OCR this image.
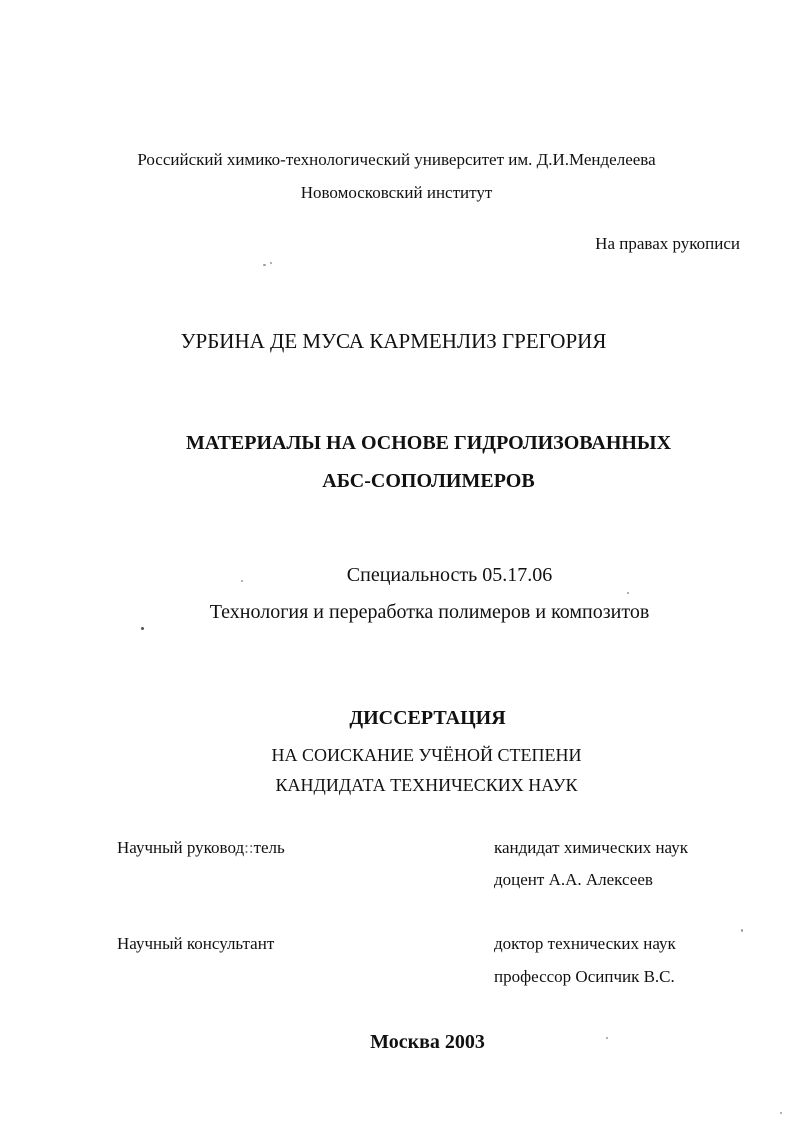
Российский химико-технологический университет им. Д.И.Менделеева
Новомосковский институт
На правах рукописи
УРБИНА ДЕ МУСА КАРМЕНЛИЗ ГРЕГОРИЯ
МАТЕРИАЛЫ НА ОСНОВЕ ГИДРОЛИЗОВАННЫХ
АБС-СОПОЛИМЕРОВ
Специальность 05.17.06
Технология и переработка полимеров и композитов
ДИССЕРТАЦИЯ
НА СОИСКАНИЕ УЧЁНОЙ СТЕПЕНИ
КАНДИДАТА ТЕХНИЧЕСКИХ НАУК
Научный руковод::тель	кандидат химических наук
доцент А.А. Алексеев
Научный консультант	доктор технических наук
профессор Осипчик В.С.
Москва 2003
